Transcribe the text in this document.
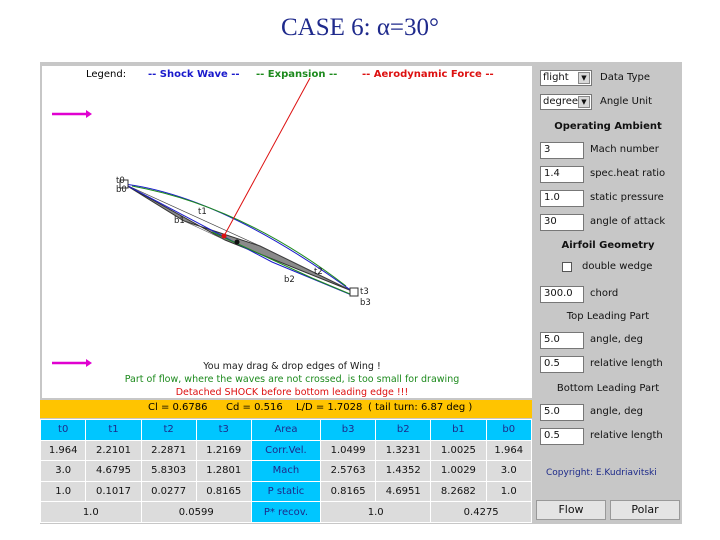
CASE 6: α=30°
Legend: -- Shock Wave -- -- Expansion -- -- Aerodynamic Force --
t0
b0
b1
t1
t2
b2
t3
b3
You may drag & drop edges of Wing !
Part of flow, where the waves are not crossed, is too small for drawing
Detached SHOCK before bottom leading edge !!!
Cl = 0.6786 Cd = 0.516 L/D = 1.7028 ( tail turn: 6.87 deg )
t0	t1	t2	t3	Area	b3	b2	b1	b0
1.964	2.2101	2.2871	1.2169	Corr.Vel.	1.0499	1.3231	1.0025	1.964
3.0	4.6795	5.8303	1.2801	Mach	2.5763	1.4352	1.0029	3.0
1.0	0.1017	0.0277	0.8165	P static	0.8165	4.6951	8.2682	1.0
1.0		0.0599		P* recov.	1.0		0.4275	
flight	▼	Data Type
degree ▼	Angle Unit
Operating Ambient
3	Mach number
1.4	spec.heat ratio
1.0	static pressure
30	angle of attack
Airfoil Geometry
double wedge
300.0	chord
Top Leading Part
5.0	angle, deg
0.5	relative length
Bottom Leading Part
5.0	angle, deg
0.5	relative length
Copyright: E.Kudriavitski
Flow	Polar
